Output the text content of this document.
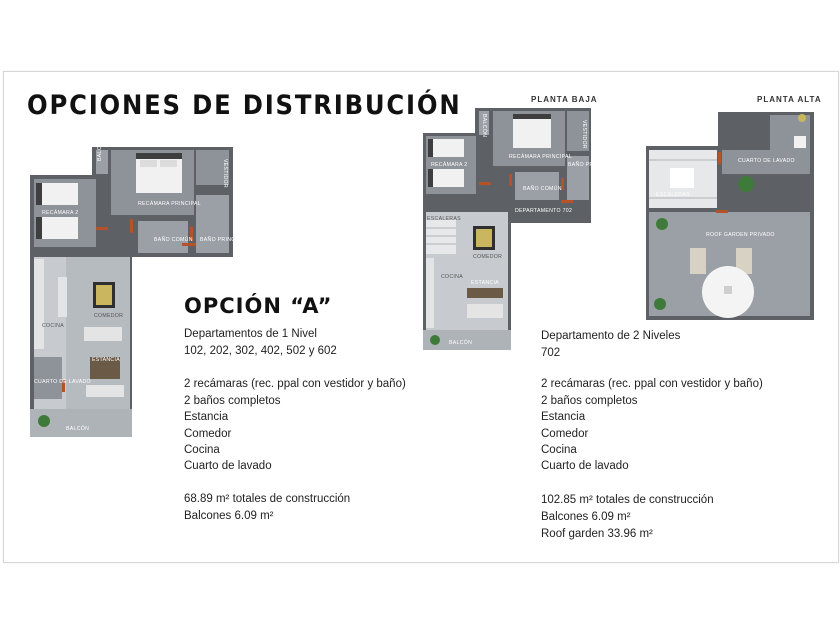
OPCIONES DE DISTRIBUCIÓN
BALCÓN
VESTIDOR
RECÁMARA PRINCIPAL
RECÁMARA 2
BAÑO COMÚN BAÑO PRINCIPAL
COCINA
COMEDOR
ESTANCIA
CUARTO DE LAVADO
BALCÓN
OPCIÓN “A”
Departamentos de 1 Nivel
102, 202, 302, 402, 502 y 602
2 recámaras (rec. ppal con vestidor y baño)
2 baños completos
Estancia
Comedor
Cocina
Cuarto de lavado
68.89 m² totales de construcción
Balcones 6.09 m²
PLANTA BAJA
BALCÓN	VESTIDOR
RECÁMARA PRINCIPAL
RECÁMARA 2
BAÑO COMÚN
BAÑO PPAL
DEPARTAMENTO 702
ESCALERAS
COMEDOR
COCINA
ESTANCIA
BALCÓN
PLANTA ALTA
ESCALERAS
CUARTO DE LAVADO
ROOF GARDEN PRIVADO
Departamento de 2 Niveles
702
2 recámaras (rec. ppal con vestidor y baño)
2 baños completos
Estancia
Comedor
Cocina
Cuarto de lavado
102.85 m² totales de construcción
Balcones 6.09 m²
Roof garden 33.96 m²
